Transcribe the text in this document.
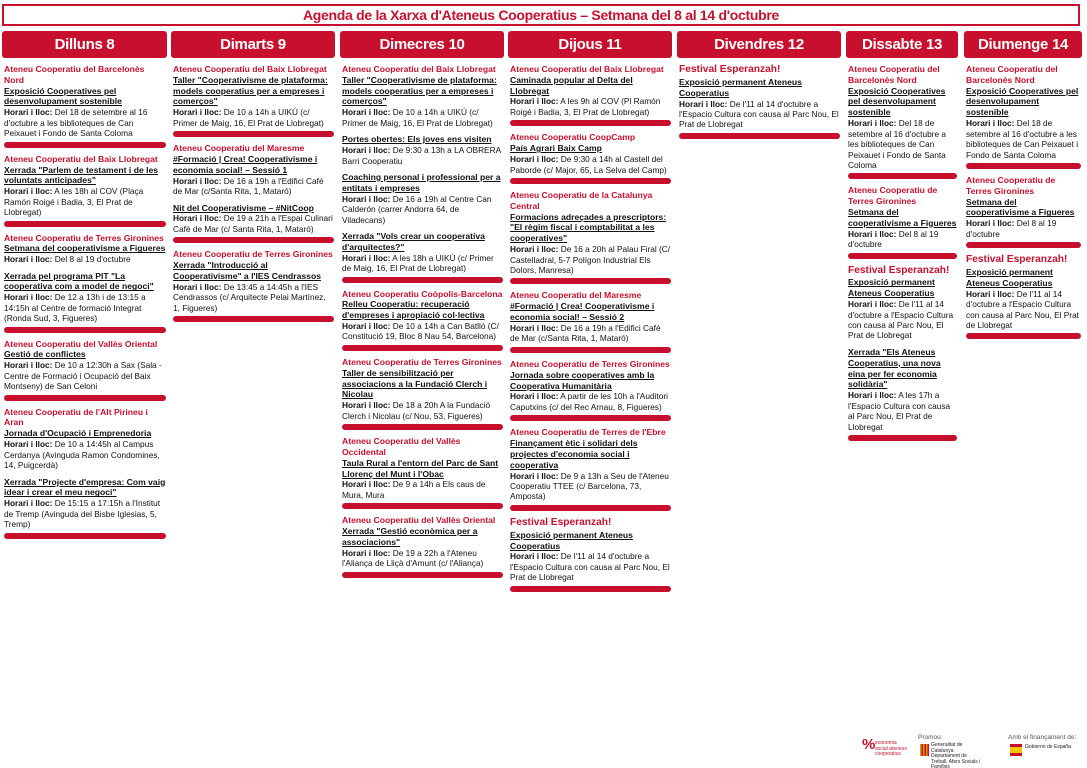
Agenda de la Xarxa d'Ateneus Cooperatius – Setmana del 8 al 14 d'octubre
Dilluns 8
Ateneu Cooperatiu del Barcelonès Nord
Exposició Cooperatives pel desenvolupament sostenible
Horari i lloc: Del 18 de setembre al 16 d'octubre a les biblioteques de Can Peixauet i Fondo de Santa Coloma
Ateneu Cooperatiu del Baix Llobregat
Xerrada "Parlem de testament i de les voluntats anticipades"
Horari i lloc: A les 18h al COV (Plaça Ramón Roigé i Badia, 3, El Prat de Llobregat)
Ateneu Cooperatiu de Terres Gironines
Setmana del cooperativisme a Figueres
Horari i lloc: Del 8 al 19 d'octubre
Xerrada pel programa PIT "La cooperativa com a model de negoci"
Horari i lloc: De 12 a 13h i de 13:15 a 14:15h al Centre de formació Integrat (Ronda Sud, 3, Figueres)
Ateneu Cooperatiu del Vallès Oriental
Gestió de conflictes
Horari i lloc: De 10 a 12:30h a Sax (Sala - Centre de Formació i Ocupació del Baix Montseny) de San Celoni
Ateneu Cooperatiu de l'Alt Pirineu i Aran
Jornada d'Ocupació i Emprenedoria
Horari i lloc: De 10 a 14:45h al Campus Cerdanya (Avinguda Ramon Condomines, 14, Puigcerdà)
Xerrada "Projecte d'empresa: Com vaig idear i crear el meu negoci"
Horari i lloc: De 15:15 a 17:15h a l'Institut de Tremp (Avinguda del Bisbe Iglesias, 5, Tremp)
Dimarts 9
Ateneu Cooperatiu del Baix Llobregat
Taller "Cooperativisme de plataforma: models cooperatius per a empreses i comerços"
Horari i lloc: De 10 a 14h a UIKÚ (c/ Primer de Maig, 16, El Prat de Llobregat)
Ateneu Cooperatiu del Maresme
#Formació | Crea! Cooperativisme i economia social! – Sessió 1
Horari i lloc: De 16 a 19h a l'Edifici Café de Mar (c/Santa Rita, 1, Mataró)
Nit del Cooperativisme – #NitCoop
Horari i lloc: De 19 a 21h a l'Espai Culinari Cafè de Mar (c/ Santa Rita, 1, Mataró)
Ateneu Cooperatiu de Terres Gironines
Xerrada "Introducció al Cooperativisme" a l'IES Cendrassos
Horari i lloc: De 13:45 a 14:45h a l'IES Cendrassos (c/ Arquitecte Pelai Martínez, 1, Figueres)
Dimecres 10
Ateneu Cooperatiu del Baix Llobregat
Taller "Cooperativisme de plataforma: models cooperatius per a empreses i comerços"
Horari i lloc: De 10 a 14h a UIKÚ (c/ Primer de Maig, 16, El Prat de Llobregat)
Portes obertes: Els joves ens visiten
Horari i lloc: De 9:30 a 13h a LA OBRERA Barri Cooperatiu
Coaching personal i professional per a entitats i empreses
Horari i lloc: De 16 a 19h al Centre Can Calderón (carrer Andorra 64, de Viladecans)
Xerrada "Vols crear un cooperativa d'arquitectes?"
Horari i lloc: A les 18h a UIKÚ (c/ Primer de Maig, 16, El Prat de Llobregat)
Ateneu Cooperatiu Coòpolis-Barcelona
Relleu Cooperatiu: recuperació d'empreses i apropiació col·lectiva
Horari i lloc: De 10 a 14h a Can Batlló (C/ Constitució 19, Bloc 8 Nau 54, Barcelona)
Ateneu Cooperatiu de Terres Gironines
Taller de sensibilització per associacions a la Fundació Clerch i Nicolau
Horari i lloc: De 18 a 20h A la Fundació Clerch i Nicolau (c/ Nou, 53, Figueres)
Ateneu Cooperatiu del Vallès Occidental
Taula Rural a l'entorn del Parc de Sant Llorenç del Munt i l'Obac
Horari i lloc: De 9 a 14h a Els caus de Mura, Mura
Ateneu Cooperatiu del Vallès Oriental
Xerrada "Gestió econòmica per a associacions"
Horari i lloc: De 19 a 22h a l'Ateneu l'Aliança de Lliçà d'Amunt (c/ l'Aliança)
Dijous 11
Ateneu Cooperatiu del Baix Llobregat
Caminada popular al Delta del Llobregat
Horari i lloc: A les 9h al COV (Pl Ramón Roigé i Badia, 3, El Prat de Llobregat)
Ateneu Cooperatiu CoopCamp
País Agrari Baix Camp
Horari i lloc: De 9:30 a 14h al Castell del Paborde (c/ Major, 65, La Selva del Camp)
Ateneu Cooperatiu de la Catalunya Central
Formacions adreçades a prescriptors: "El règim fiscal i comptabilitat a les cooperatives"
Horari i lloc: De 16 a 20h al Palau Firal (C/ Castelladral, 5-7 Polígon Industrial Els Dolors, Manresa)
Ateneu Cooperatiu del Maresme
#Formació | Crea! Cooperativisme i economia social! – Sessió 2
Horari i lloc: De 16 a 19h a l'Edifici Café de Mar (c/Santa Rita, 1, Mataró)
Ateneu Cooperatiu de Terres Gironines
Jornada sobre cooperatives amb la Cooperativa Humanitària
Horari i lloc: A partir de les 10h a l'Auditori Caputxins (c/ del Rec Arnau, 8, Figueres)
Ateneu Cooperatiu de Terres de l'Ebre
Finançament ètic i solidari dels projectes d'economia social i cooperativa
Horari i lloc: De 9 a 13h a Seu de l'Ateneu Cooperatiu TTEE (c/ Barcelona, 73, Amposta)
Festival Esperanzah!
Exposició permanent Ateneus Cooperatius
Horari i lloc: De l'11 al 14 d'octubre a l'Espacio Cultura con causa al Parc Nou, El Prat de Llobregat
Divendres 12
Festival Esperanzah!
Exposició permanent Ateneus Cooperatius
Horari i lloc: De l'11 al 14 d'octubre a l'Espacio Cultura con causa al Parc Nou, El Prat de Llobregat
Dissabte 13
Ateneu Cooperatiu del Barcelonès Nord
Exposició Cooperatives pel desenvolupament sostenible
Horari i lloc: Del 18 de setembre al 16 d'octubre a les biblioteques de Can Peixauet i Fondo de Santa Coloma
Ateneu Cooperatiu de Terres Gironines
Setmana del cooperativisme a Figueres
Horari i lloc: Del 8 al 19 d'octubre
Festival Esperanzah!
Exposició permanent Ateneus Cooperatius
Horari i lloc: De l'11 al 14 d'octubre a l'Espacio Cultura con causa al Parc Nou, El Prat de Llobregat
Xerrada "Els Ateneus Cooperatius, una nova eina per fer economia solidària"
Horari i lloc: A les 17h a l'Espacio Cultura con causa al Parc Nou, El Prat de Llobregat
Diumenge 14
Ateneu Cooperatiu del Barcelonès Nord
Exposició Cooperatives pel desenvolupament sostenible
Horari i lloc: Del 18 de setembre al 16 d'octubre a les biblioteques de Can Peixauet i Fondo de Santa Coloma
Ateneu Cooperatiu de Terres Gironines
Setmana del cooperativisme a Figueres
Horari i lloc: Del 8 al 19 d'octubre
Festival Esperanzah!
Exposició permanent Ateneus Cooperatius
Horari i lloc: De l'11 al 14 d'octubre a l'Espacio Cultura con causa al Parc Nou, El Prat de Llobregat
% economia social ateneus cooperatius
Promou:
Generalitat de Catalunya Departament de Treball, Afers Socials i Famílies
Amb el finançament de:
Gobierno de España
